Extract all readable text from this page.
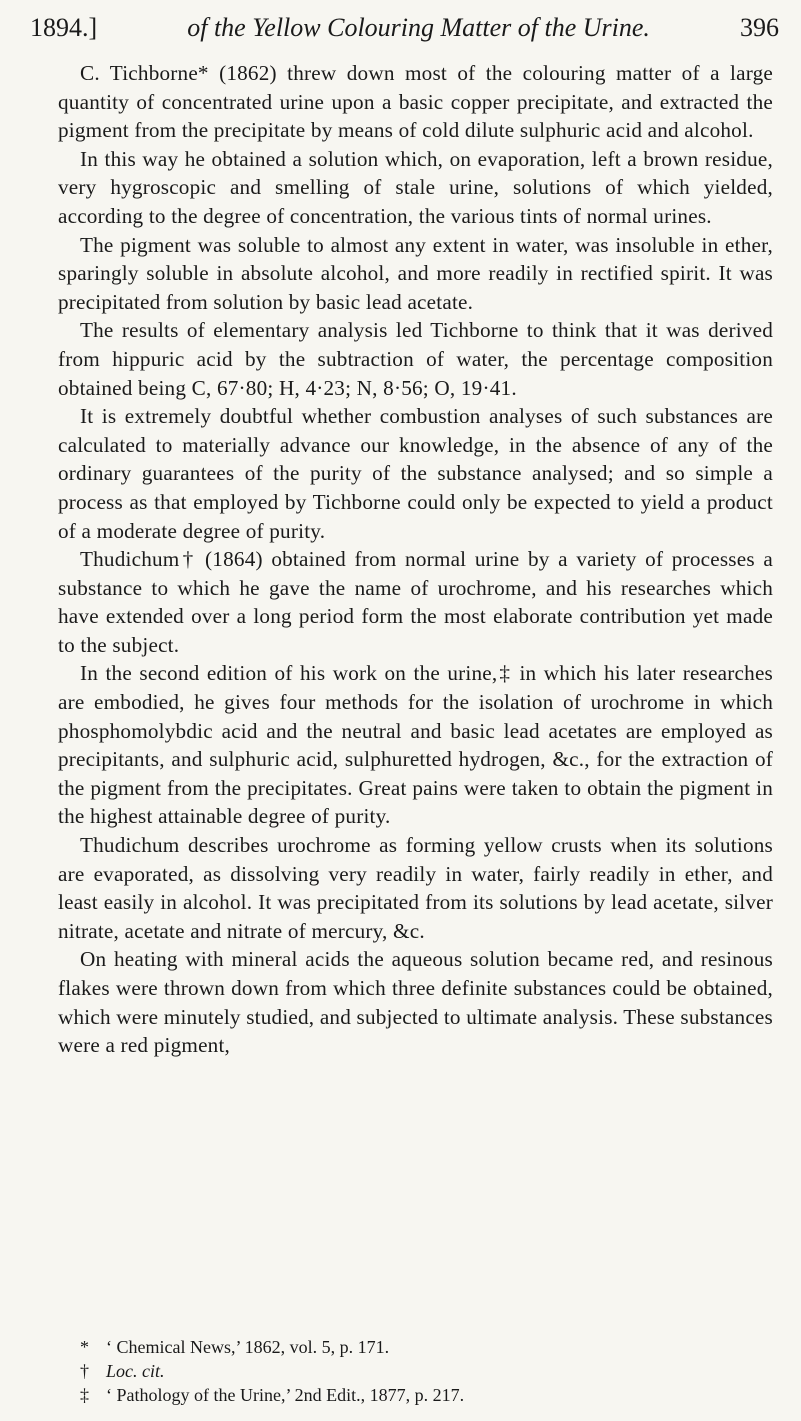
1894.]	of the Yellow Colouring Matter of the Urine.	396

C. Tichborne* (1862) threw down most of the colouring matter of a large quantity of concentrated urine upon a basic copper precipitate, and extracted the pigment from the precipitate by means of cold dilute sulphuric acid and alcohol.

In this way he obtained a solution which, on evaporation, left a brown residue, very hygroscopic and smelling of stale urine, solutions of which yielded, according to the degree of concentration, the various tints of normal urines.

The pigment was soluble to almost any extent in water, was insoluble in ether, sparingly soluble in absolute alcohol, and more readily in rectified spirit. It was precipitated from solution by basic lead acetate.

The results of elementary analysis led Tichborne to think that it was derived from hippuric acid by the subtraction of water, the percentage composition obtained being C, 67·80; H, 4·23; N, 8·56; O, 19·41.

It is extremely doubtful whether combustion analyses of such substances are calculated to materially advance our knowledge, in the absence of any of the ordinary guarantees of the purity of the substance analysed; and so simple a process as that employed by Tichborne could only be expected to yield a product of a moderate degree of purity.

Thudichum† (1864) obtained from normal urine by a variety of processes a substance to which he gave the name of urochrome, and his researches which have extended over a long period form the most elaborate contribution yet made to the subject.

In the second edition of his work on the urine,‡ in which his later researches are embodied, he gives four methods for the isolation of urochrome in which phosphomolybdic acid and the neutral and basic lead acetates are employed as precipitants, and sulphuric acid, sulphuretted hydrogen, &c., for the extraction of the pigment from the precipitates. Great pains were taken to obtain the pigment in the highest attainable degree of purity.

Thudichum describes urochrome as forming yellow crusts when its solutions are evaporated, as dissolving very readily in water, fairly readily in ether, and least easily in alcohol. It was precipitated from its solutions by lead acetate, silver nitrate, acetate and nitrate of mercury, &c.

On heating with mineral acids the aqueous solution became red, and resinous flakes were thrown down from which three definite substances could be obtained, which were minutely studied, and subjected to ultimate analysis. These substances were a red pigment,

* ‘ Chemical News,’ 1862, vol. 5, p. 171.
† Loc. cit.
‡ ‘ Pathology of the Urine,’ 2nd Edit., 1877, p. 217.
